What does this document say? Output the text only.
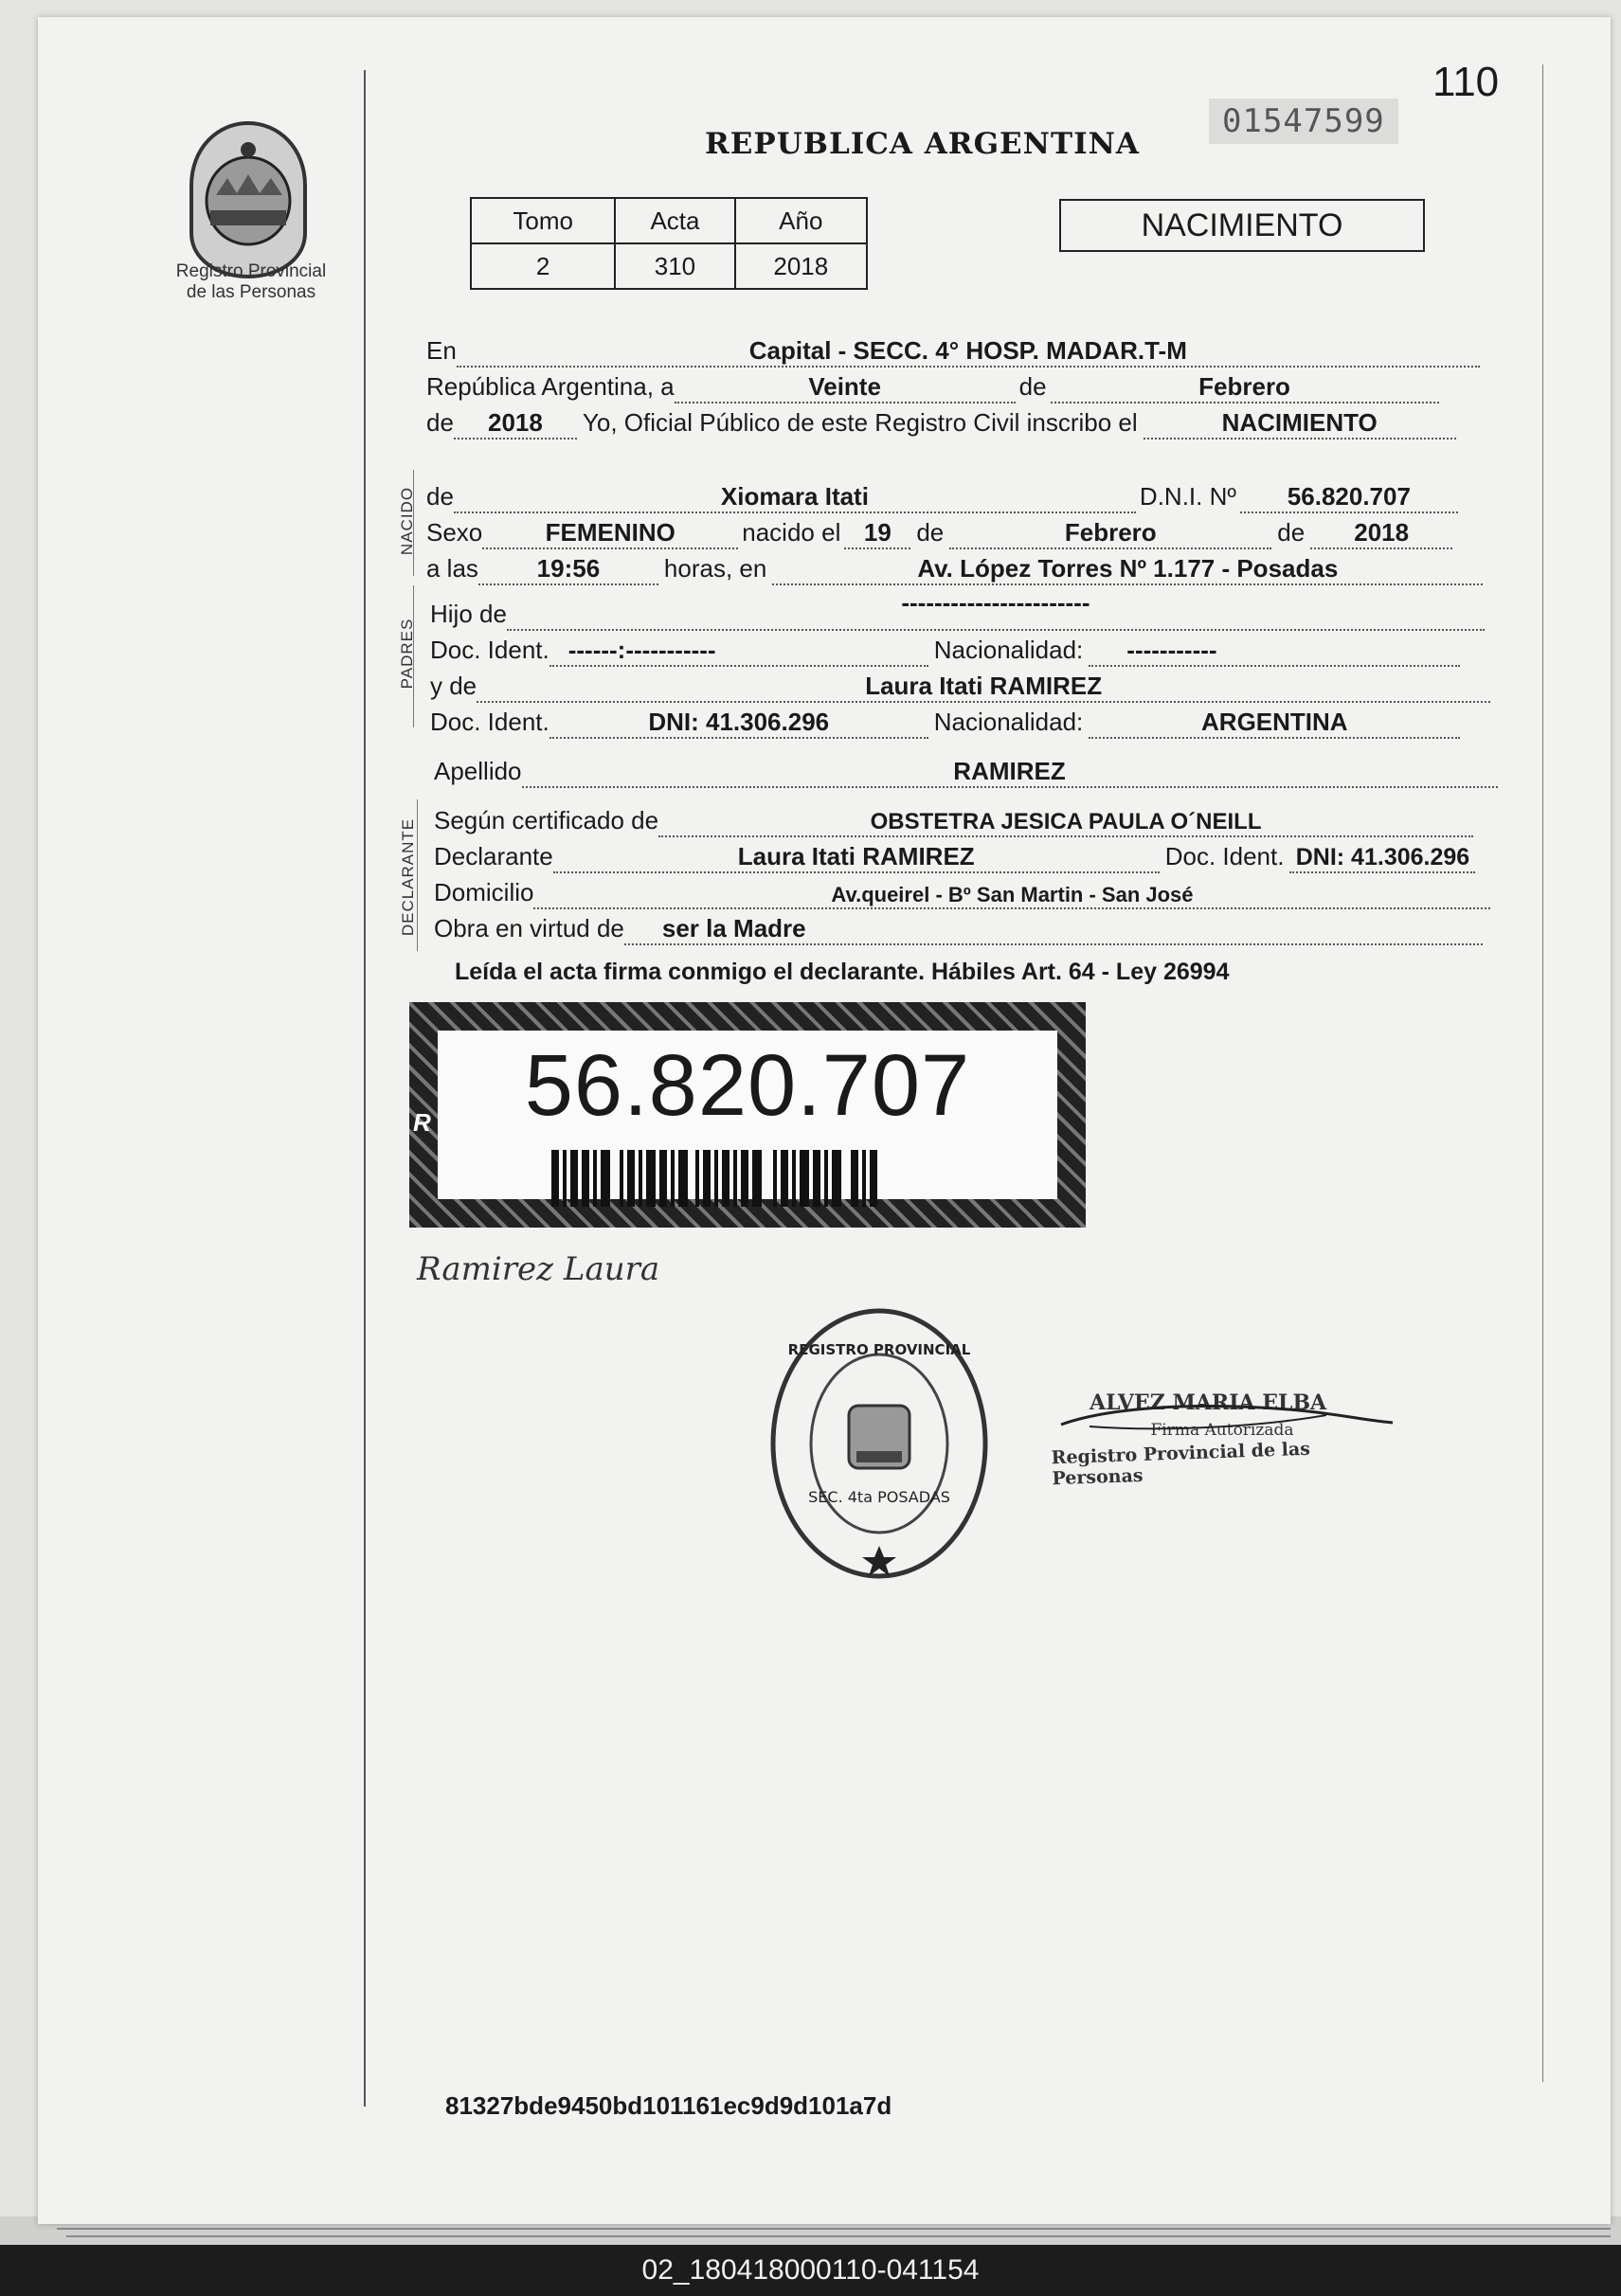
Registro Provincial
de las Personas
110
01547599
REPUBLICA ARGENTINA
Tomo	Acta	Año
2	310	2018
NACIMIENTO
En	Capital - SECC. 4° HOSP. MADAR.T-M
República Argentina, a	Veinte	de	Febrero
de	2018	Yo, Oficial Público de este Registro Civil inscribo el	NACIMIENTO
NACIDO de	Xiomara Itati	D.N.I. Nº	56.820.707
Sexo	FEMENINO	nacido el 19	de	Febrero	de	2018
a las	19:56	horas, en	Av. López Torres Nº 1.177 - Posadas
PADRES
Hijo de	-----------------------
Doc. Ident. ------:-----------	Nacionalidad:	-----------
y de	Laura Itati RAMIREZ
Doc. Ident.	DNI: 41.306.296	Nacionalidad:	ARGENTINA
Apellido	RAMIREZ
DECLARANTE Según certificado de	OBSTETRA JESICA PAULA O´NEILL
Declarante	Laura Itati RAMIREZ	Doc. Ident. DNI: 41.306.296
Domicilio	Av.queirel - Bº San Martin - San José
Obra en virtud de	ser la Madre
Leída el acta firma conmigo el declarante. Hábiles Art. 64 - Ley 26994
R	56.820.707
Ramirez Laura
REGISTRO PROVINCIAL
SEC. 4ta POSADAS
ALVEZ MARIA ELBA
Firma Autorizada
Registro Provincial de las Personas
81327bde9450bd101161ec9d9d101a7d
02_180418000110-041154
